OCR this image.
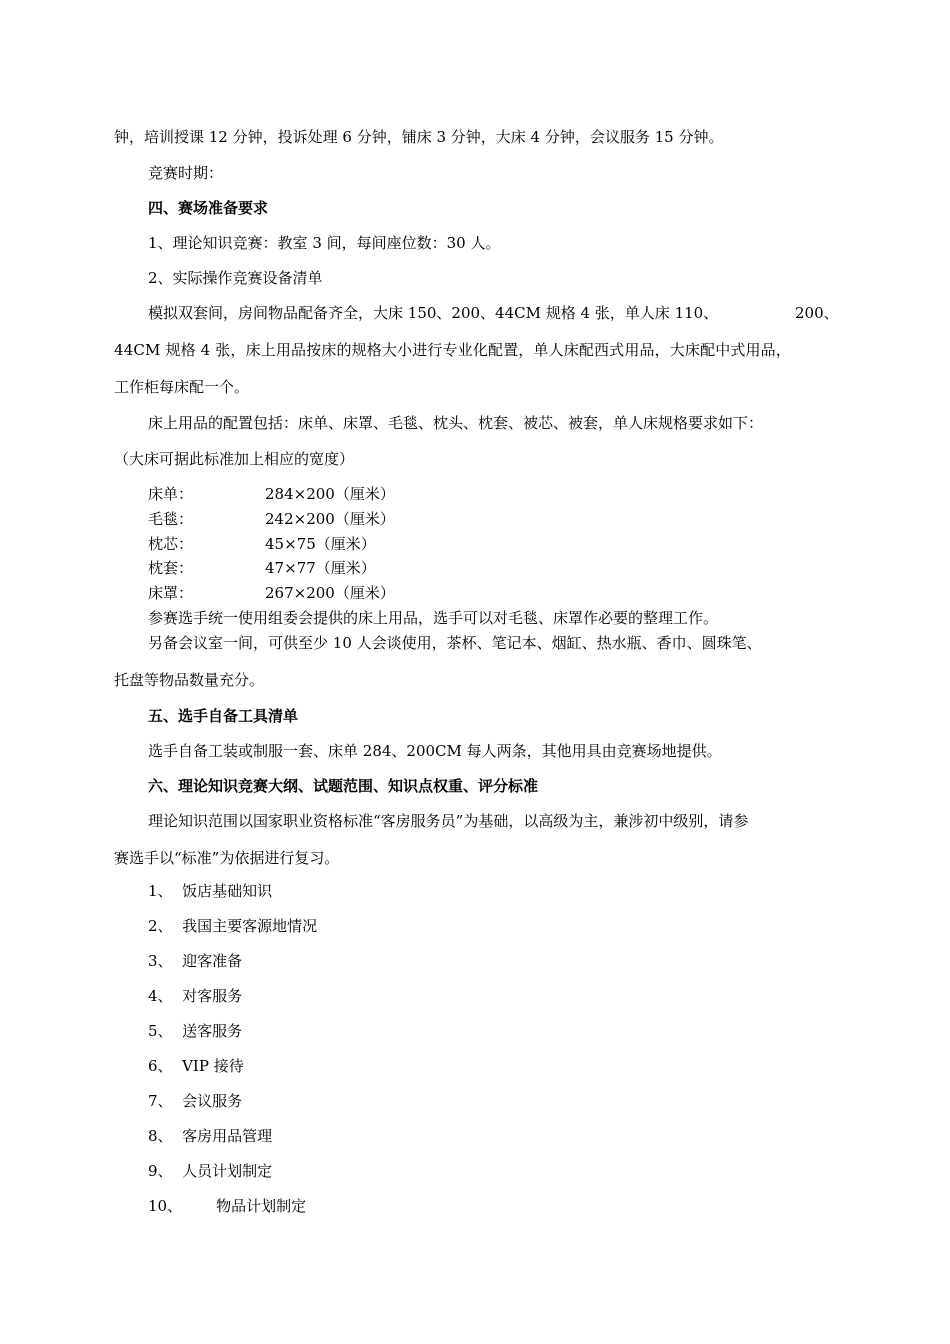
钟，培训授课 12 分钟，投诉处理 6 分钟，铺床 3 分钟，大床 4 分钟，会议服务 15 分钟。
竞赛时期：
四、赛场准备要求
1、理论知识竞赛：教室 3 间，每间座位数：30 人。
2、实际操作竞赛设备清单
模拟双套间，房间物品配备齐全，大床 150、200、44CM 规格 4 张，单人床 110、	200、
44CM 规格 4 张，床上用品按床的规格大小进行专业化配置，单人床配西式用品，大床配中式用品，
工作柜每床配一个。
床上用品的配置包括：床单、床罩、毛毯、枕头、枕套、被芯、被套，单人床规格要求如下：
（大床可据此标准加上相应的宽度）
床单：	284×200（厘米）
毛毯：	242×200（厘米）
枕芯：	45×75（厘米）
枕套：	47×77（厘米）
床罩：	267×200（厘米）
参赛选手统一使用组委会提供的床上用品，选手可以对毛毯、床罩作必要的整理工作。
另备会议室一间，可供至少 10 人会谈使用，茶杯、笔记本、烟缸、热水瓶、香巾、圆珠笔、
托盘等物品数量充分。
五、选手自备工具清单
选手自备工装或制服一套、床单 284、200CM 每人两条，其他用具由竞赛场地提供。
六、理论知识竞赛大纲、试题范围、知识点权重、评分标准
理论知识范围以国家职业资格标准“客房服务员”为基础，以高级为主，兼涉初中级别，请参
赛选手以“标准”为依据进行复习。
1、 饭店基础知识
2、 我国主要客源地情况
3、 迎客准备
4、 对客服务
5、 送客服务
6、 VIP 接待
7、 会议服务
8、 客房用品管理
9、 人员计划制定
10、 物品计划制定
